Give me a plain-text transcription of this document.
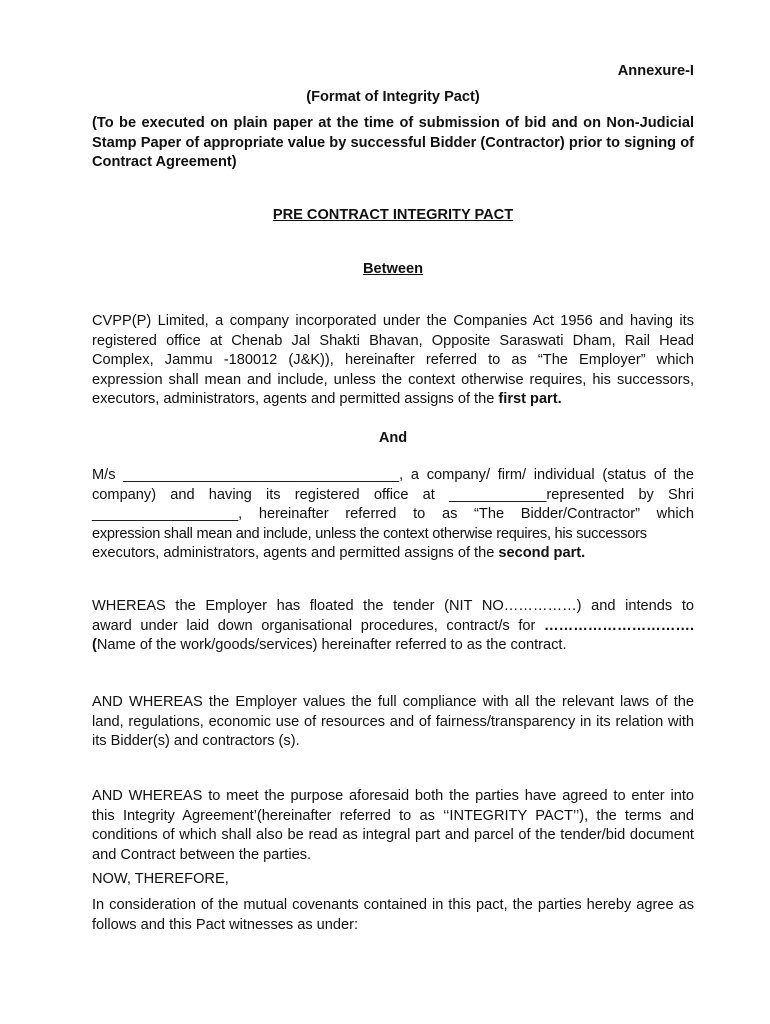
Annexure-I
(Format of Integrity Pact)
(To be executed on plain paper at the time of submission of bid and on Non-Judicial Stamp Paper of appropriate value by successful Bidder (Contractor) prior to signing of Contract Agreement)
PRE CONTRACT INTEGRITY PACT
Between
CVPP(P) Limited, a company incorporated under the Companies Act 1956 and having its registered office at Chenab Jal Shakti Bhavan, Opposite Saraswati Dham, Rail Head Complex, Jammu -180012 (J&K)), hereinafter referred to as “The Employer” which expression shall mean and include, unless the context otherwise requires, his successors, executors, administrators, agents and permitted assigns of the first part.
And
M/s __________________________________, a company/ firm/ individual (status of the
company) and having its registered office at ____________represented by Shri
__________________, hereinafter referred to as “The Bidder/Contractor” which
expression shall mean and include, unless the context otherwise requires, his successors
executors, administrators, agents and permitted assigns of the second part.
WHEREAS the Employer has floated the tender (NIT NO……………) and intends to
award under laid down organisational procedures, contract/s for ………………………….
(Name of the work/goods/services) hereinafter referred to as the contract.
AND WHEREAS the Employer values the full compliance with all the relevant laws of the land, regulations, economic use of resources and of fairness/transparency in its relation with its Bidder(s) and contractors (s).
AND WHEREAS to meet the purpose aforesaid both the parties have agreed to enter into this Integrity Agreement’(hereinafter referred to as ‘‘INTEGRITY PACT’’), the terms and conditions of which shall also be read as integral part and parcel of the tender/bid document and Contract between the parties.
NOW, THEREFORE,
In consideration of the mutual covenants contained in this pact, the parties hereby agree as follows and this Pact witnesses as under:
